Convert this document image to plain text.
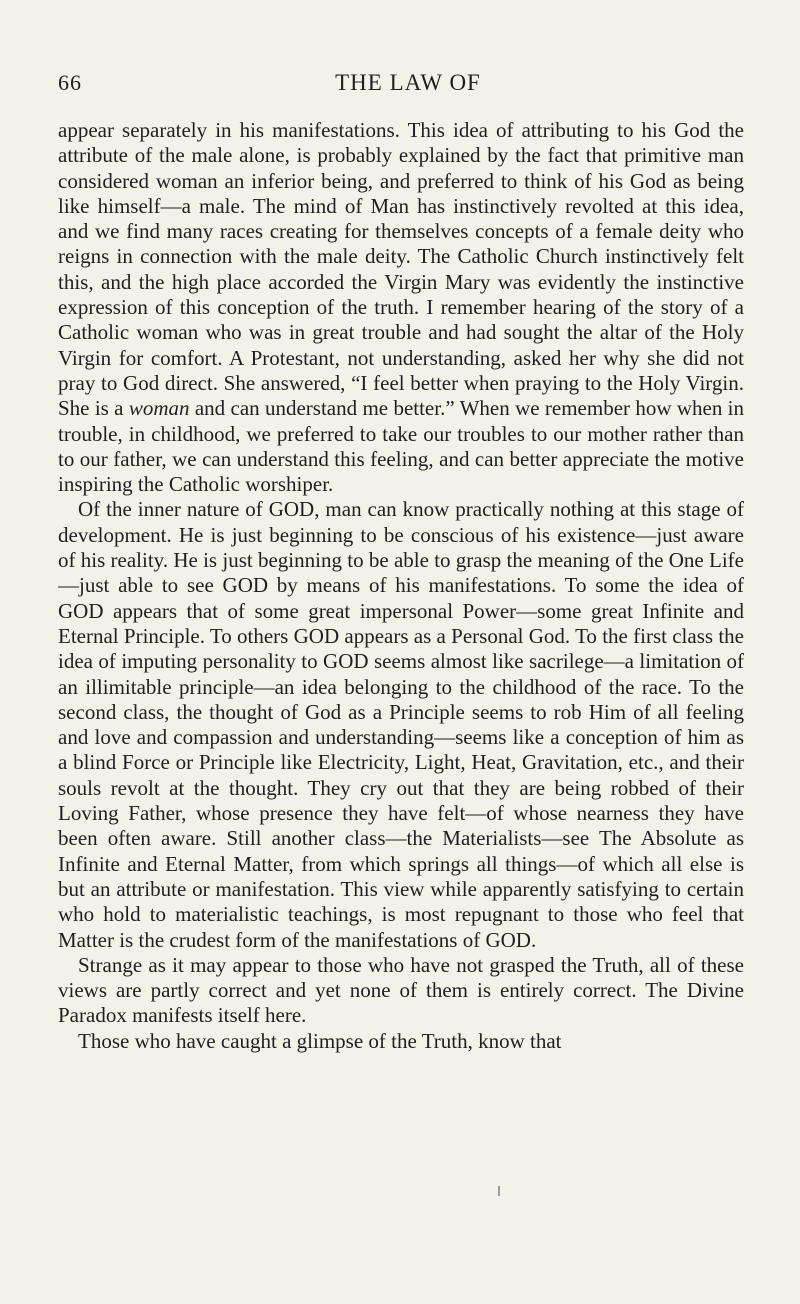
66	THE LAW OF

appear separately in his manifestations. This idea of attributing to his God the attribute of the male alone, is probably explained by the fact that primitive man considered woman an inferior being, and preferred to think of his God as being like himself—a male. The mind of Man has instinctively revolted at this idea, and we find many races creating for themselves concepts of a female deity who reigns in connection with the male deity. The Catholic Church instinctively felt this, and the high place accorded the Virgin Mary was evidently the instinctive expression of this conception of the truth. I remember hearing of the story of a Catholic woman who was in great trouble and had sought the altar of the Holy Virgin for comfort. A Protestant, not understanding, asked her why she did not pray to God direct. She answered, “I feel better when praying to the Holy Virgin. She is a woman and can understand me better.” When we remember how when in trouble, in childhood, we preferred to take our troubles to our mother rather than to our father, we can understand this feeling, and can better appreciate the motive inspiring the Catholic worshiper.

Of the inner nature of GOD, man can know practically nothing at this stage of development. He is just beginning to be conscious of his existence—just aware of his reality. He is just beginning to be able to grasp the meaning of the One Life—just able to see GOD by means of his manifestations. To some the idea of GOD appears that of some great impersonal Power—some great Infinite and Eternal Principle. To others GOD appears as a Personal God. To the first class the idea of imputing personality to GOD seems almost like sacrilege—a limitation of an illimitable principle—an idea belonging to the childhood of the race. To the second class, the thought of God as a Principle seems to rob Him of all feeling and love and compassion and understanding—seems like a conception of him as a blind Force or Principle like Electricity, Light, Heat, Gravitation, etc., and their souls revolt at the thought. They cry out that they are being robbed of their Loving Father, whose presence they have felt—of whose nearness they have been often aware. Still another class—the Materialists—see The Absolute as Infinite and Eternal Matter, from which springs all things—of which all else is but an attribute or manifestation. This view while apparently satisfying to certain who hold to materialistic teachings, is most repugnant to those who feel that Matter is the crudest form of the manifestations of GOD.

Strange as it may appear to those who have not grasped the Truth, all of these views are partly correct and yet none of them is entirely correct. The Divine Paradox manifests itself here.

Those who have caught a glimpse of the Truth, know that
